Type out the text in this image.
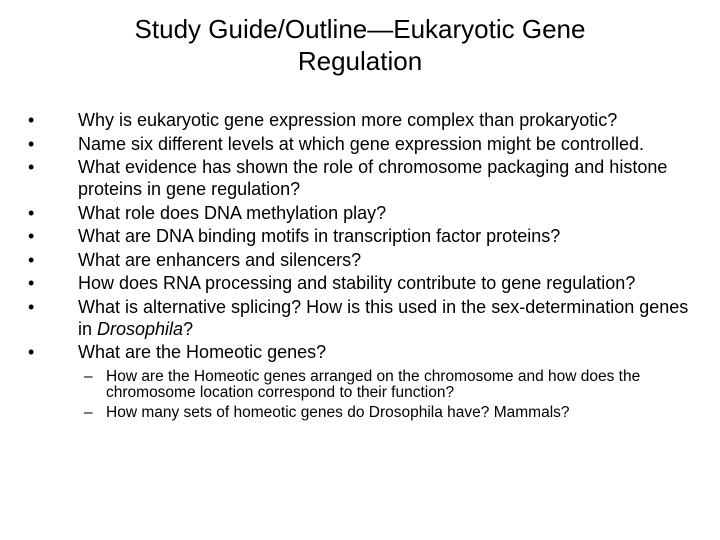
Study Guide/Outline—Eukaryotic Gene
Regulation
• Why is eukaryotic gene expression more complex than prokaryotic?
• Name six different levels at which gene expression might be controlled.
• What evidence has shown the role of chromosome packaging and histone proteins in gene regulation?
• What role does DNA methylation play?
• What are DNA binding motifs in transcription factor proteins?
• What are enhancers and silencers?
• How does RNA processing and stability contribute to gene regulation?
• What is alternative splicing? How is this used in the sex-determination genes in Drosophila?
• What are the Homeotic genes?
– How are the Homeotic genes arranged on the chromosome and how does the chromosome location correspond to their function?
– How many sets of homeotic genes do Drosophila have? Mammals?
